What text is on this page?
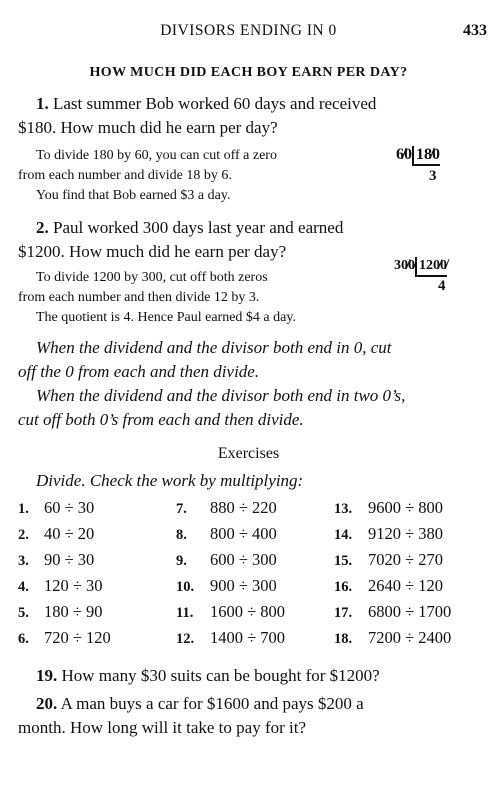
DIVISORS ENDING IN 0	433
HOW MUCH DID EACH BOY EARN PER DAY?
1. Last summer Bob worked 60 days and received
$180. How much did he earn per day?
To divide 180 by 60, you can cut off a zero
from each number and divide 18 by 6.
You find that Bob earned $3 a day.
6̸0 18̸0
3
2. Paul worked 300 days last year and earned
$1200. How much did he earn per day?
To divide 1200 by 300, cut off both zeros
from each number and then divide 12 by 3.
The quotient is 4. Hence Paul earned $4 a day.
30̸0̸ 120̸0̸
4
When the dividend and the divisor both end in 0, cut
off the 0 from each and then divide.
When the dividend and the divisor both end in two 0’s,
cut off both 0’s from each and then divide.
Exercises
Divide. Check the work by multiplying:
1. 60 ÷ 30
2. 40 ÷ 20
3. 90 ÷ 30
4. 120 ÷ 30
5. 180 ÷ 90
6. 720 ÷ 120
7. 880 ÷ 220
8. 800 ÷ 400
9. 600 ÷ 300
10. 900 ÷ 300
11. 1600 ÷ 800
12. 1400 ÷ 700
13. 9600 ÷ 800
14. 9120 ÷ 380
15. 7020 ÷ 270
16. 2640 ÷ 120
17. 6800 ÷ 1700
18. 7200 ÷ 2400
19. How many $30 suits can be bought for $1200?
20. A man buys a car for $1600 and pays $200 a
month. How long will it take to pay for it?
